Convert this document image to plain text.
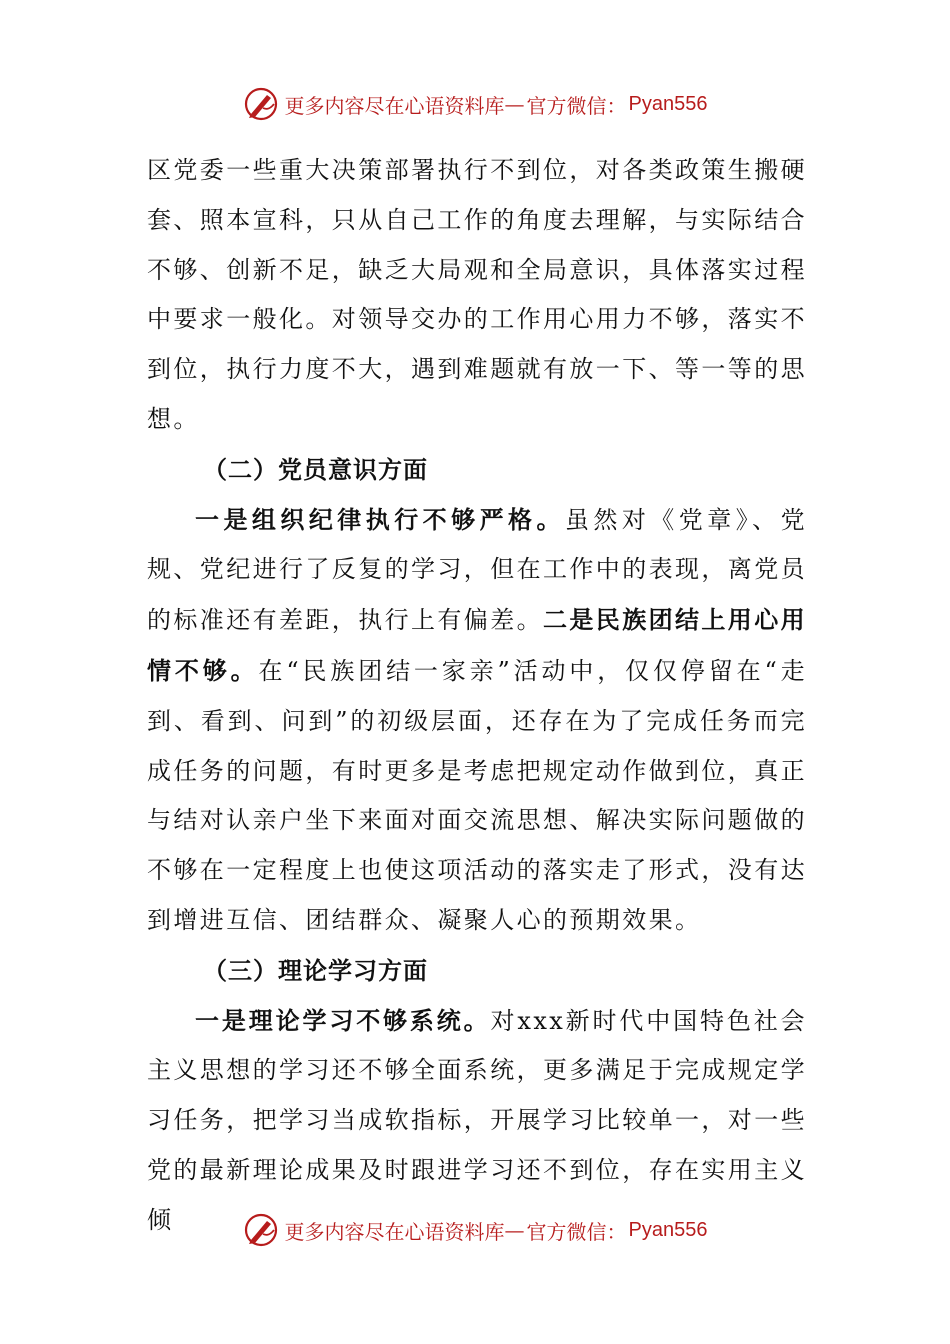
更多内容尽在心语资料库 — 官方微信： Pyan556

区党委一些重大决策部署执行不到位，对各类政策生搬硬套、照本宣科，只从自己工作的角度去理解，与实际结合不够、创新不足，缺乏大局观和全局意识，具体落实过程中要求一般化。对领导交办的工作用心用力不够，落实不到位，执行力度不大，遇到难题就有放一下、等一等的思想。

（二）党员意识方面

一是组织纪律执行不够严格。虽然对《党章》、党规、党纪进行了反复的学习，但在工作中的表现，离党员的标准还有差距，执行上有偏差。二是民族团结上用心用情不够。在“民族团结一家亲”活动中，仅仅停留在“走到、看到、问到”的初级层面，还存在为了完成任务而完成任务的问题，有时更多是考虑把规定动作做到位，真正与结对认亲户坐下来面对面交流思想、解决实际问题做的不够在一定程度上也使这项活动的落实走了形式，没有达到增进互信、团结群众、凝聚人心的预期效果。

（三）理论学习方面

一是理论学习不够系统。对xxx新时代中国特色社会主义思想的学习还不够全面系统，更多满足于完成规定学习任务，把学习当成软指标，开展学习比较单一，对一些党的最新理论成果及时跟进学习还不到位，存在实用主义倾	更多内容尽在心语资料库 — 官方微信： Pyan556
